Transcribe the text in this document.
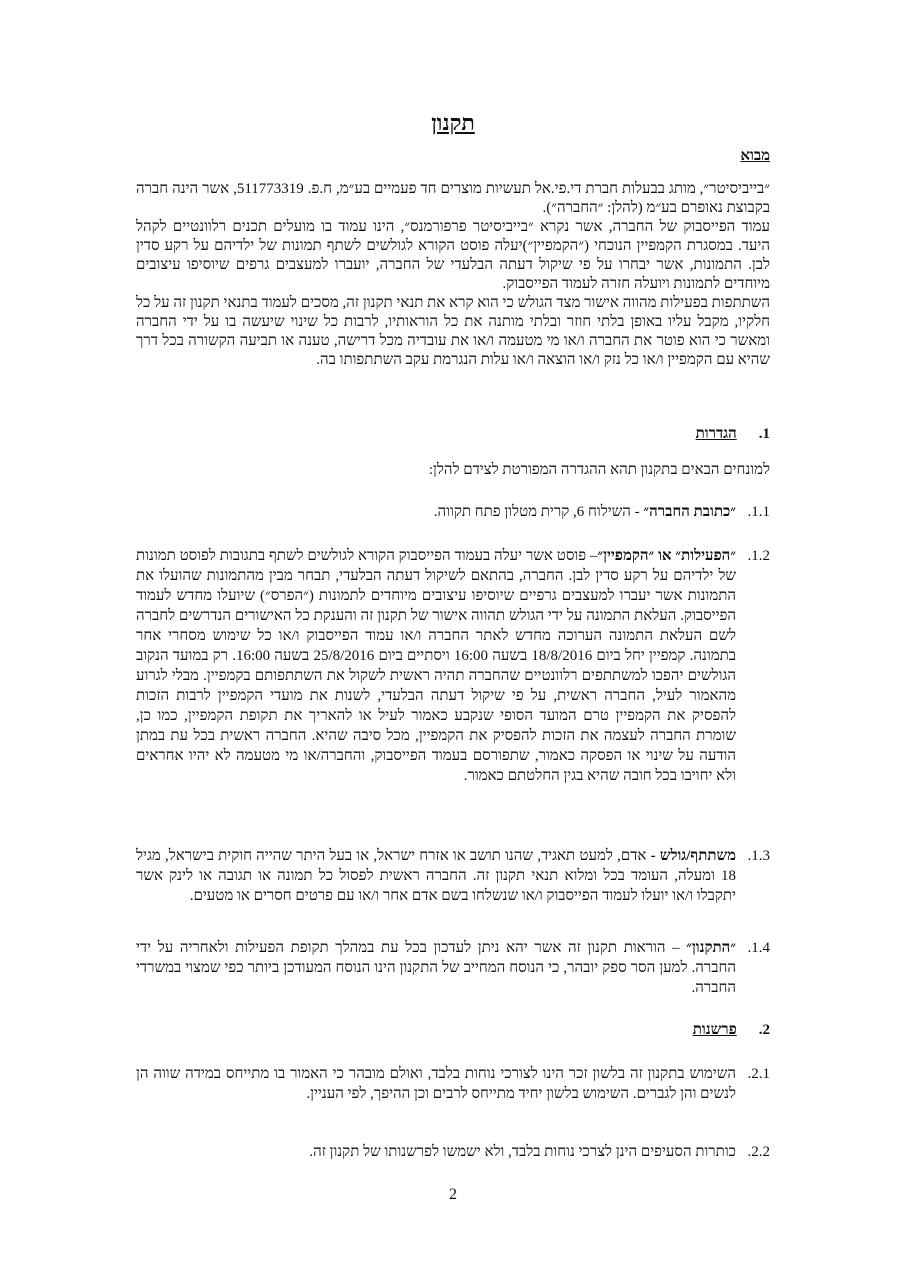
תקנון
מבוא

״בייביסיטר״, מותג בבעלות חברת די.פי.אל תעשיות מוצרים חד פעמיים בע״מ, ח.פ. 511773319, אשר הינה חברה בקבוצת נאופרם בע״מ (להלן: ״החברה״).

עמוד הפייסבוק של החברה, אשר נקרא ״בייביסיטר פרפורמנס״, הינו עמוד בו מועלים תכנים רלוונטיים לקהל היעד. במסגרת הקמפיין הנוכחי (״הקמפיין״)יעלה פוסט הקורא לגולשים לשתף תמונות של ילדיהם על רקע סדין לבן. התמונות, אשר יבחרו על פי שיקול דעתה הבלעדי של החברה, יועברו למעצבים גרפים שיוסיפו עיצובים מיוחדים לתמונות ויועלה חזרה לעמוד הפייסבוק.

השתתפות בפעילות מהווה אישור מצד הגולש כי הוא קרא את תנאי תקנון זה, מסכים לעמוד בתנאי תקנון זה על כל חלקיו, מקבל עליו באופן בלתי חוזר ובלתי מותנה את כל הוראותיו, לרבות כל שינוי שיעשה בו על ידי החברה ומאשר כי הוא פוטר את החברה ו/או מי מטעמה ו/או את עובדיה מכל דרישה, טענה או תביעה הקשורה בכל דרך שהיא עם הקמפיין ו/או כל נזק ו/או הוצאה ו/או עלות הנגרמת עקב השתתפותו בה.

1.
הגדרות
למונחים הבאים בתקנון תהא ההגדרה המפורטת לצידם להלן:
1.1.
״כתובת החברה״ - השילוח 6, קרית מטלון פתח תקווה.
1.2.
״הפעילות״ או ״הקמפיין״– פוסט אשר יעלה בעמוד הפייסבוק הקורא לגולשים לשתף בתגובות לפוסט תמונות של ילדיהם על רקע סדין לבן. החברה, בהתאם לשיקול דעתה הבלעדי, תבחר מבין מהתמונות שהועלו את התמונות אשר יעברו למעצבים גרפיים שיוסיפו עיצובים מיוחדים לתמונות (״הפרס״) שיועלו מחדש לעמוד הפייסבוק. העלאת התמונה על ידי הגולש תהווה אישור של תקנון זה והענקת כל האישורים הנדרשים לחברה לשם העלאת התמונה הערוכה מחדש לאתר החברה ו/או עמוד הפייסבוק ו/או כל שימוש מסחרי אחר בתמונה. קמפיין יחל ביום 18/8/2016 בשעה 16:00 ויסתיים ביום 25/8/2016 בשעה 16:00. רק במועד הנקוב הגולשים יהפכו למשתתפים רלוונטיים שהחברה תהיה ראשית לשקול את השתתפותם בקמפיין. מבלי לגרוע מהאמור לעיל, החברה ראשית, על פי שיקול דעתה הבלעדי, לשנות את מועדי הקמפיין לרבות הזכות להפסיק את הקמפיין טרם המועד הסופי שנקבע כאמור לעיל או להאריך את תקופת הקמפיין, כמו כן, שומרת החברה לעצמה את הזכות להפסיק את הקמפיין, מכל סיבה שהיא. החברה ראשית בכל עת במתן הודעה על שינוי או הפסקה כאמור, שתפורסם בעמוד הפייסבוק, והחברה/או מי מטעמה לא יהיו אחראים ולא יחויבו בכל חובה שהיא בגין החלטתם כאמור.
1.3.
משתתף/גולש - אדם, למעט תאגיד, שהנו תושב או אזרח ישראל, או בעל היתר שהייה חוקית בישראל, מגיל 18 ומעלה, העומד בכל ומלוא תנאי תקנון זה. החברה ראשית לפסול כל תמונה או תגובה או לינק אשר יתקבלו ו/או יועלו לעמוד הפייסבוק ו/או שנשלחו בשם אדם אחר ו/או עם פרטים חסרים או מטעים.
1.4.
״התקנון״ – הוראות תקנון זה אשר יהא ניתן לעדכון בכל עת במהלך תקופת הפעילות ולאחריה על ידי החברה. למען הסר ספק יובהר, כי הנוסח המחייב של התקנון הינו הנוסח המעודכן ביותר כפי שמצוי במשרדי החברה.
2.
פרשנות
2.1.
השימוש בתקנון זה בלשון זכר הינו לצורכי נוחות בלבד, ואולם מובהר כי האמור בו מתייחס במידה שווה הן לנשים והן לגברים. השימוש בלשון יחיד מתייחס לרבים וכן ההיפך, לפי העניין.
2.2.
כותרות הסעיפים הינן לצרכי נוחות בלבד, ולא ישמשו לפרשנותו של תקנון זה.
2
